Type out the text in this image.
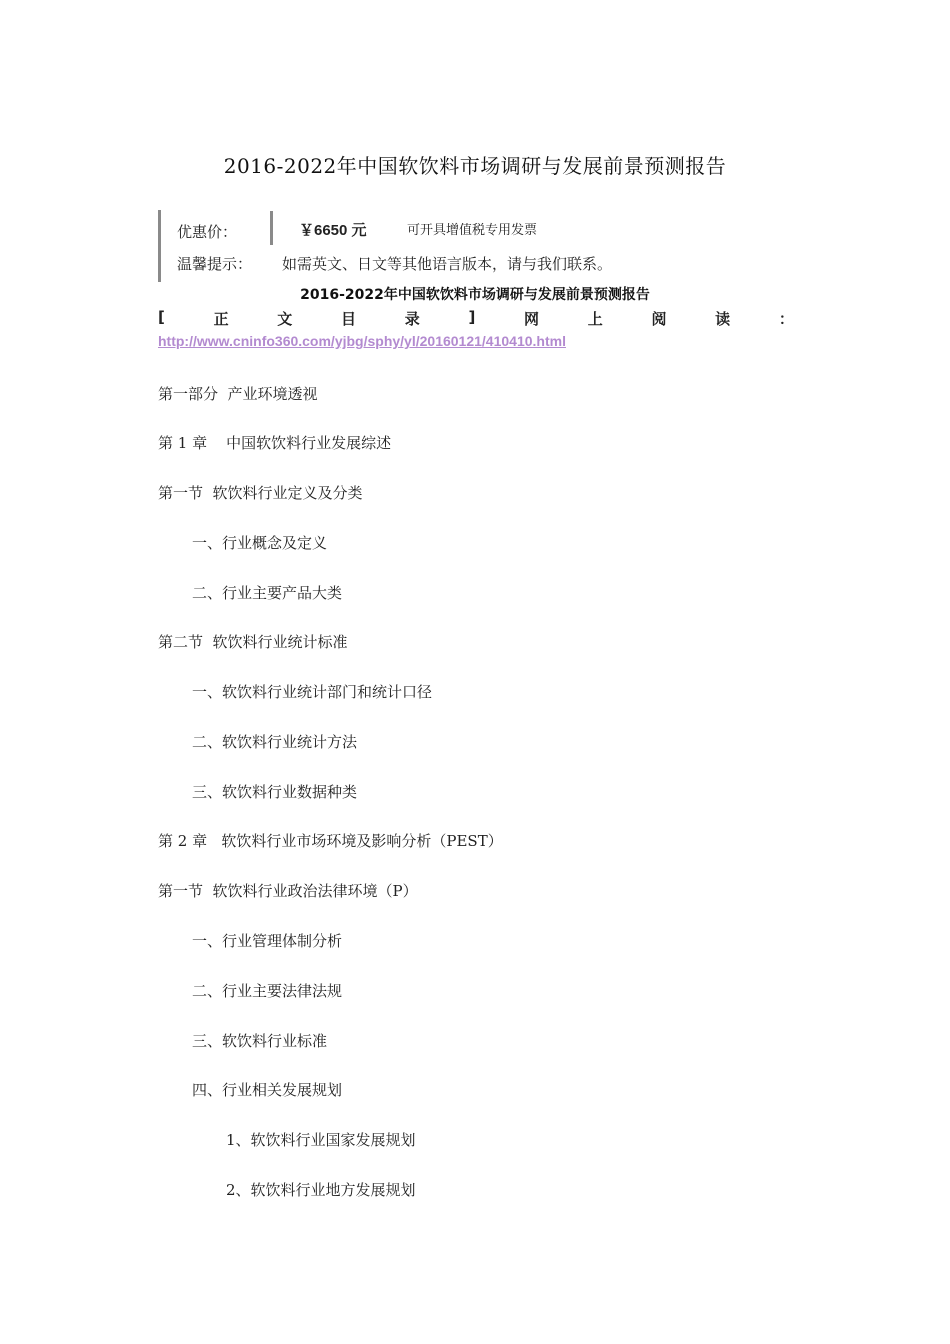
2016-2022年中国软饮料市场调研与发展前景预测报告
优惠价：	￥6650 元	可开具增值税专用发票
温馨提示：	如需英文、日文等其他语言版本，请与我们联系。
2016-2022年中国软饮料市场调研与发展前景预测报告
[	正	文	目	录	]	网	上	阅	读	：
http://www.cninfo360.com/yjbg/sphy/yl/20160121/410410.html
第一部分  产业环境透视
第 1 章    中国软饮料行业发展综述
第一节  软饮料行业定义及分类
一、行业概念及定义
二、行业主要产品大类
第二节  软饮料行业统计标准
一、软饮料行业统计部门和统计口径
二、软饮料行业统计方法
三、软饮料行业数据种类
第 2 章   软饮料行业市场环境及影响分析（PEST）
第一节  软饮料行业政治法律环境（P）
一、行业管理体制分析
二、行业主要法律法规
三、软饮料行业标准
四、行业相关发展规划
1、软饮料行业国家发展规划
2、软饮料行业地方发展规划
